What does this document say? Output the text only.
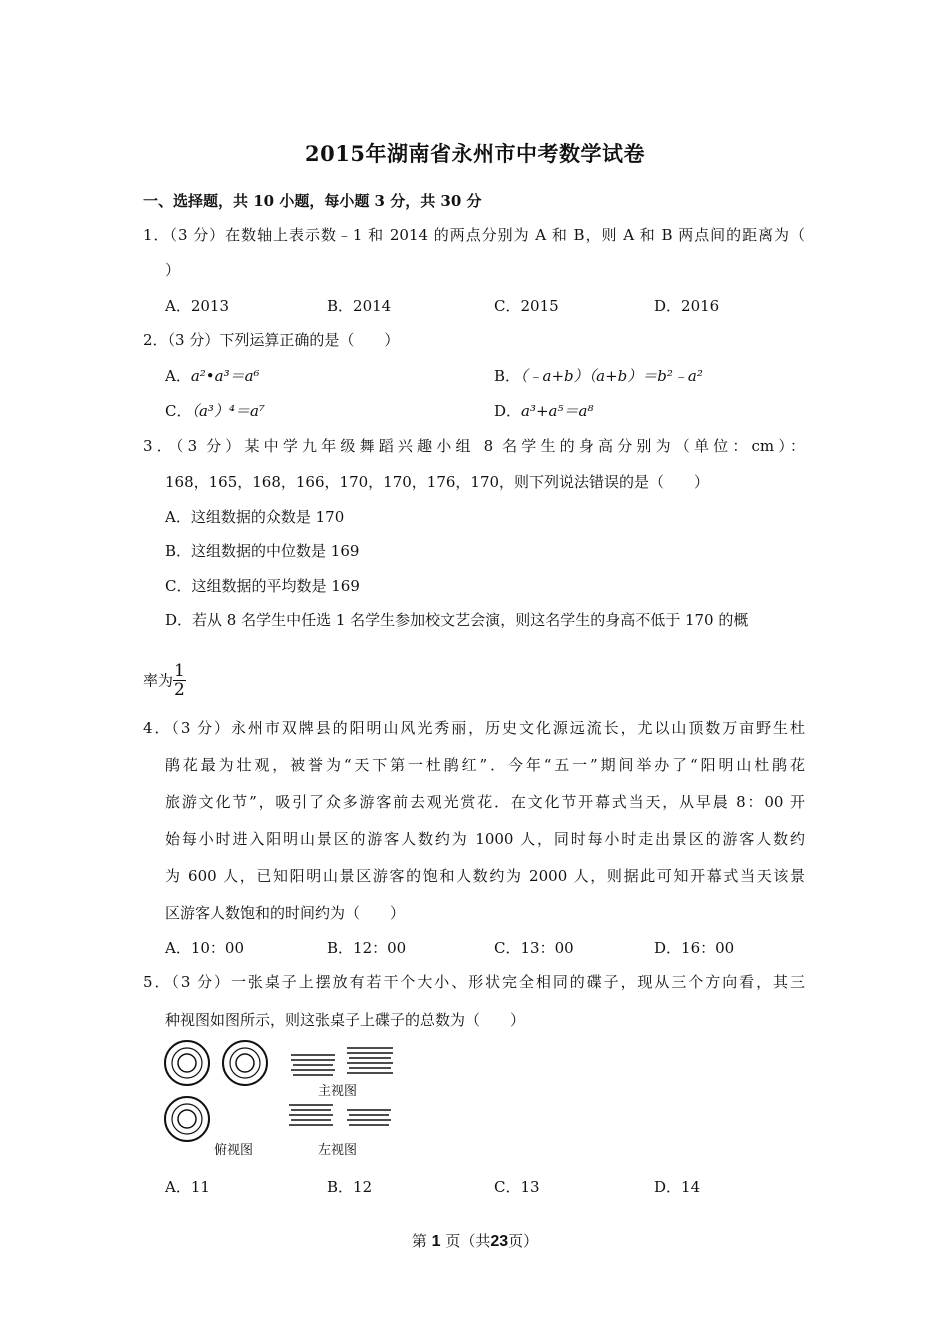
2015年湖南省永州市中考数学试卷
一、选择题，共 10 小题，每小题 3 分，共 30 分
1．（3 分）在数轴上表示数﹣1 和 2014 的两点分别为 A 和 B，则 A 和 B 两点间的距离为（
）
A．2013	B．2014	C．2015	D．2016
2．（3 分）下列运算正确的是（　　）
A．a²•a³＝a⁶	B．（﹣a+b）（a+b）＝b²﹣a²
C．（a³）⁴＝a⁷	D．a³+a⁵＝a⁸
3．（3 分）某中学九年级舞蹈兴趣小组 8 名学生的身高分别为（单位：cm）：
168，165，168，166，170，170，176，170，则下列说法错误的是（　　）
A．这组数据的众数是 170
B．这组数据的中位数是 169
C．这组数据的平均数是 169
D．若从 8 名学生中任选 1 名学生参加校文艺会演，则这名学生的身高不低于 170 的概
率为 $\frac{1}{2}$
4．（3 分）永州市双牌县的阳明山风光秀丽，历史文化源远流长，尤以山顶数万亩野生杜
鹃花最为壮观，被誉为“天下第一杜鹃红”．今年“五一”期间举办了“阳明山杜鹃花
旅游文化节”，吸引了众多游客前去观光赏花．在文化节开幕式当天，从早晨 8：00 开
始每小时进入阳明山景区的游客人数约为 1000 人，同时每小时走出景区的游客人数约
为 600 人，已知阳明山景区游客的饱和人数约为 2000 人，则据此可知开幕式当天该景
区游客人数饱和的时间约为（　　）
A．10：00	B．12：00	C．13：00	D．16：00
5．（3 分）一张桌子上摆放有若干个大小、形状完全相同的碟子，现从三个方向看，其三
种视图如图所示，则这张桌子上碟子的总数为（　　）
主视图
俯视图	左视图
A．11	B．12	C．13	D．14
第 1 页（共23页）
